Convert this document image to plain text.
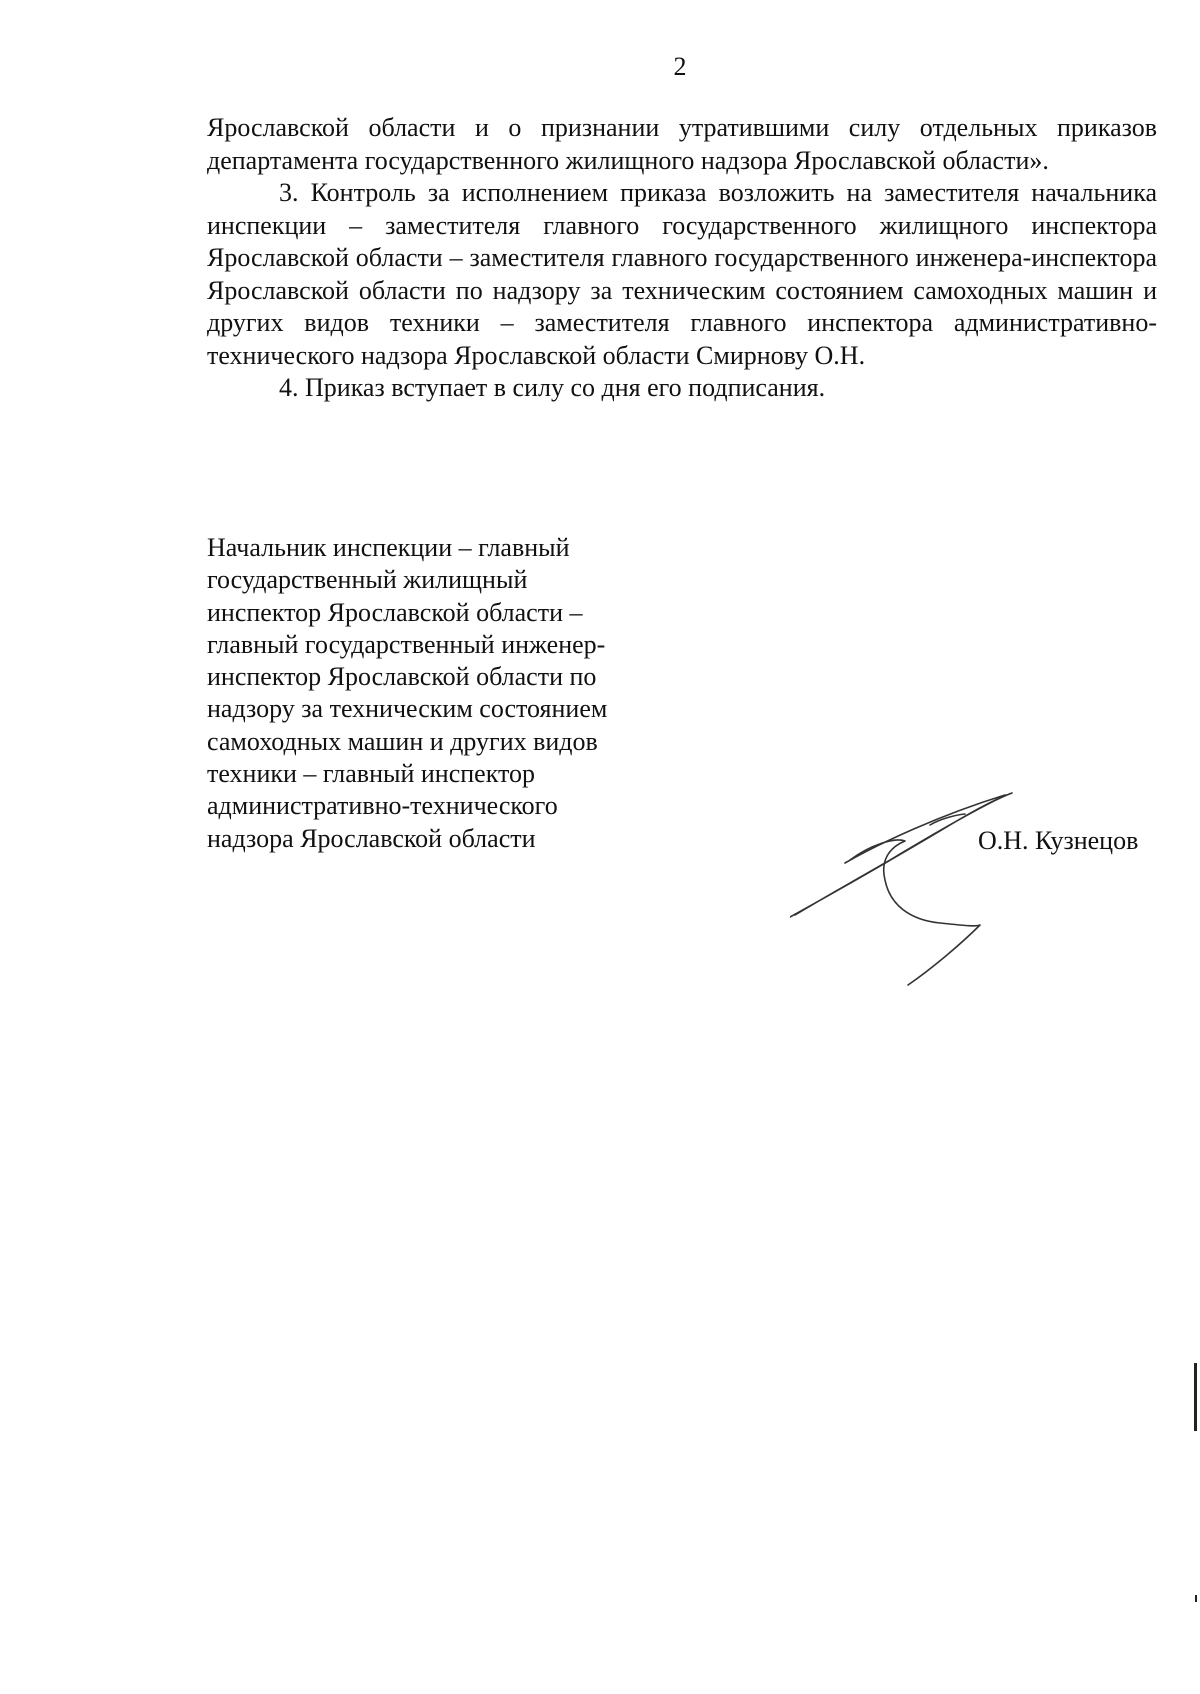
2

Ярославской области и о признании утратившими силу отдельных приказов департамента государственного жилищного надзора Ярославской области».

3. Контроль за исполнением приказа возложить на заместителя начальника инспекции – заместителя главного государственного жилищного инспектора Ярославской области – заместителя главного государственного инженера-инспектора Ярославской области по надзору за техническим состоянием самоходных машин и других видов техники – заместителя главного инспектора административно-технического надзора Ярославской области Смирнову О.Н.

4. Приказ вступает в силу со дня его подписания.

Начальник инспекции – главный
государственный жилищный
инспектор Ярославской области –
главный государственный инженер-
инспектор Ярославской области по
надзору за техническим состоянием
самоходных машин и других видов
техники – главный инспектор
административно-технического
надзора Ярославской области	О.Н. Кузнецов
